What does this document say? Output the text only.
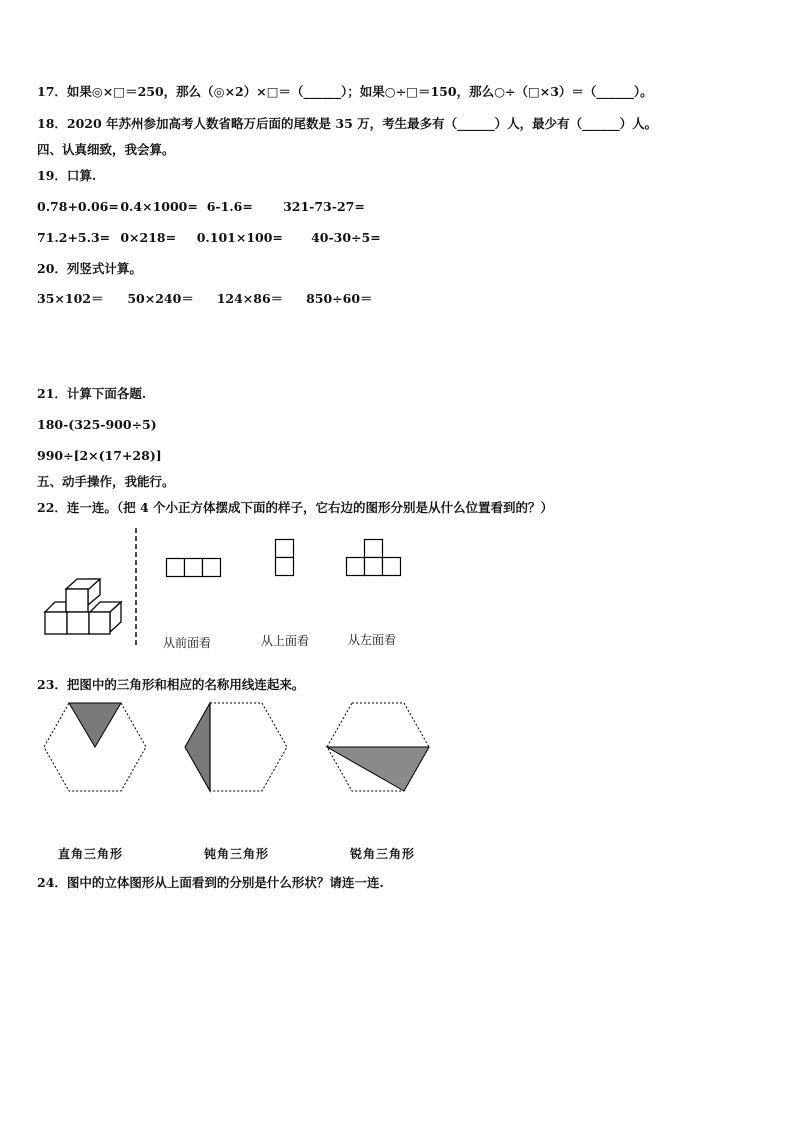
17．如果◎×□＝250，那么（◎×2）×□＝（______）；如果○÷□＝150，那么○÷（□×3）＝（______）。
18．2020 年苏州参加高考人数省略万后面的尾数是 35 万，考生最多有（______）人，最少有（______）人。
四、认真细致，我会算。
19．口算.
0.78+0.06= 0.4×1000= 6-1.6= 321-73-27=
71.2+5.3= 0×218= 0.101×100= 40-30÷5=
20．列竖式计算。
35×102＝ 50×240＝ 124×86＝ 850÷60＝
21．计算下面各题.
180-(325-900÷5)
990÷[2×(17+28)]
五、动手操作，我能行。
22．连一连。（把 4 个小正方体摆成下面的样子，它右边的图形分别是从什么位置看到的？）
从前面看	从上面看	从左面看
23．把图中的三角形和相应的名称用线连起来。
直角三角形	钝角三角形	锐角三角形
24．图中的立体图形从上面看到的分别是什么形状？请连一连.
